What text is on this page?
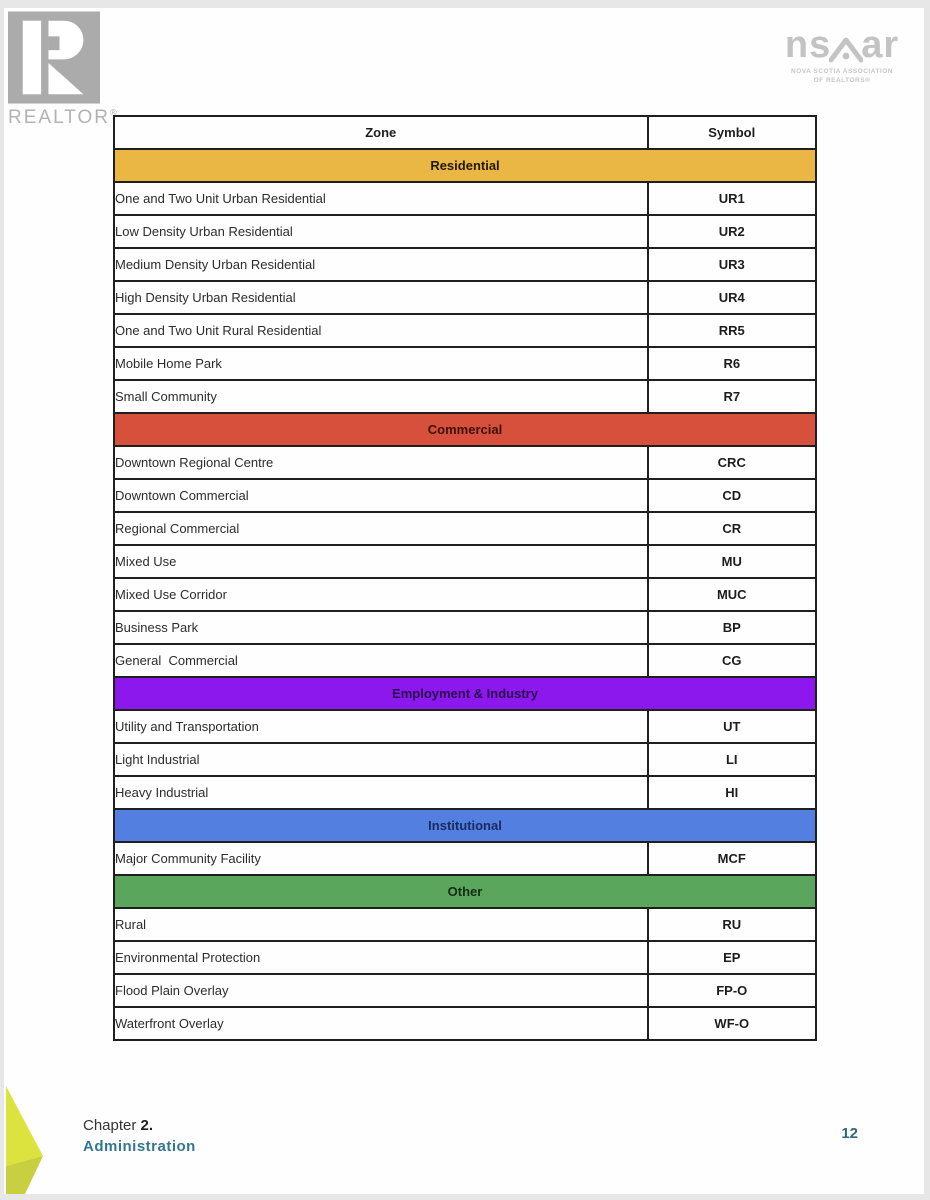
REALTOR®
ns ar
NOVA SCOTIA ASSOCIATION
OF REALTORS®
Zone	Symbol
Residential	
One and Two Unit Urban Residential	UR1
Low Density Urban Residential	UR2
Medium Density Urban Residential	UR3
High Density Urban Residential	UR4
One and Two Unit Rural Residential	RR5
Mobile Home Park	R6
Small Community	R7
Commercial	
Downtown Regional Centre	CRC
Downtown Commercial	CD
Regional Commercial	CR
Mixed Use	MU
Mixed Use Corridor	MUC
Business Park	BP
General  Commercial	CG
Employment & Industry	
Utility and Transportation	UT
Light Industrial	LI
Heavy Industrial	HI
Institutional	
Major Community Facility	MCF
Other	
Rural	RU
Environmental Protection	EP
Flood Plain Overlay	FP-O
Waterfront Overlay	WF-O
Chapter 2.
Administration
12
